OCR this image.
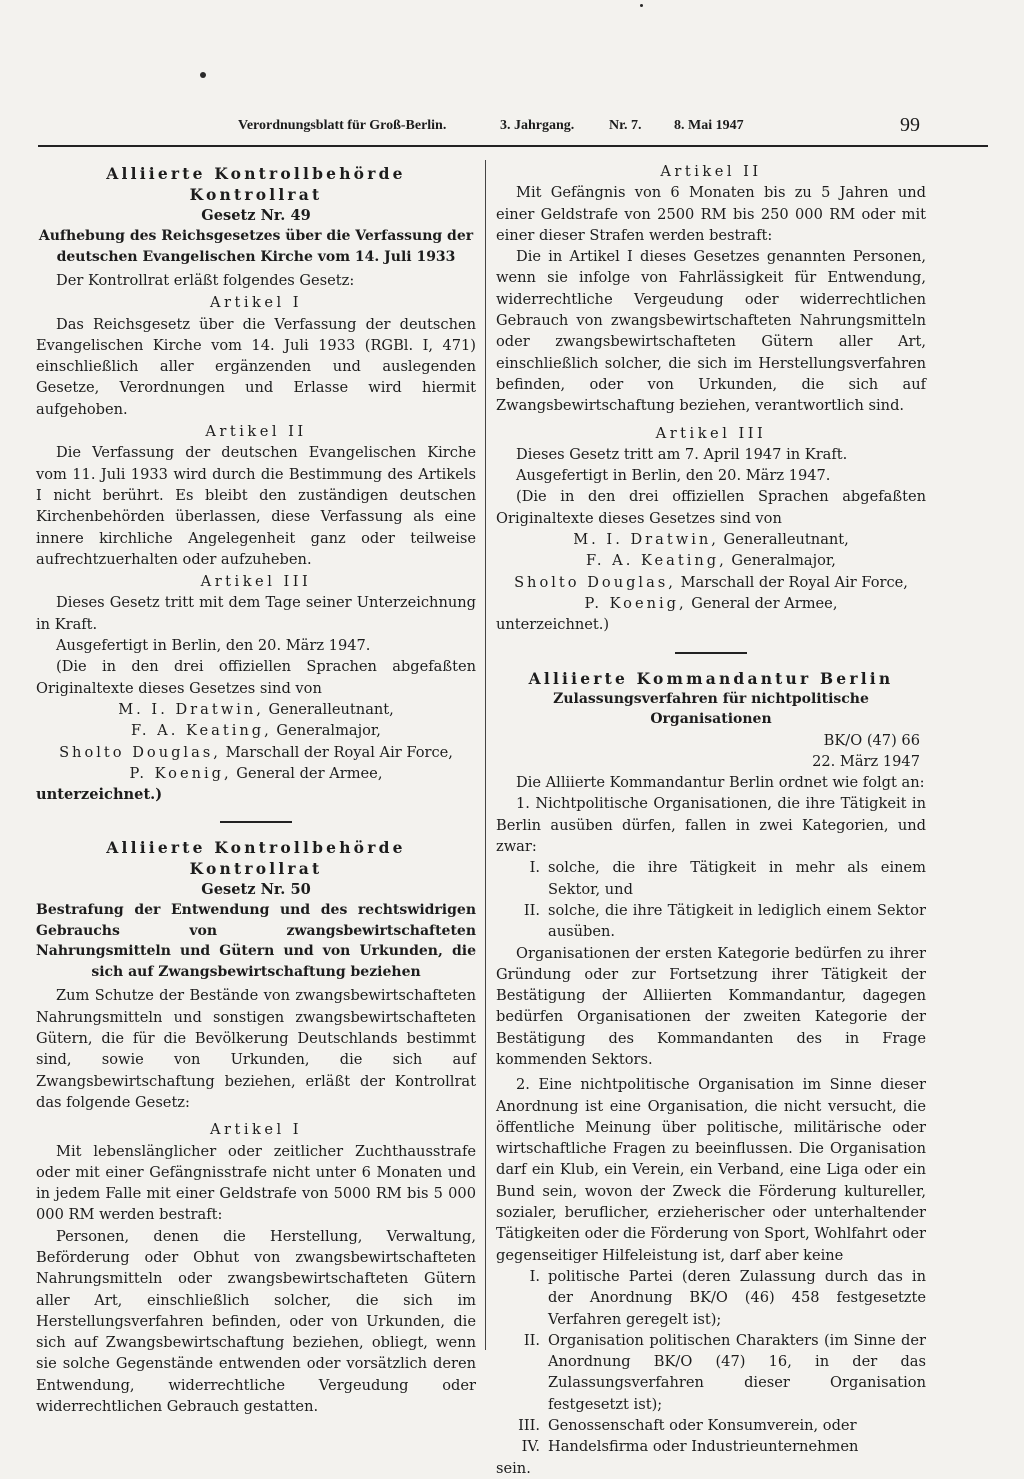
Verordnungsblatt für Groß-Berlin.	3. Jahrgang. Nr. 7. 8. Mai 1947	99
Alliierte Kontrollbehörde
Kontrollrat
Gesetz Nr. 49
Aufhebung des Reichsgesetzes über die Verfassung der
deutschen Evangelischen Kirche vom 14. Juli 1933

Der Kontrollrat erläßt folgendes Gesetz:

Artikel I

Das Reichsgesetz über die Verfassung der deutschen Evangelischen Kirche vom 14. Juli 1933 (RGBl. I, 471) einschließlich aller ergänzenden und auslegenden Gesetze, Verordnungen und Erlasse wird hiermit aufgehoben.

Artikel II

Die Verfassung der deutschen Evangelischen Kirche vom 11. Juli 1933 wird durch die Bestimmung des Artikels I nicht berührt. Es bleibt den zuständigen deutschen Kirchenbehörden überlassen, diese Verfassung als eine innere kirchliche Angelegenheit ganz oder teilweise aufrechtzuerhalten oder aufzuheben.

Artikel III

Dieses Gesetz tritt mit dem Tage seiner Unterzeichnung in Kraft.

Ausgefertigt in Berlin, den 20. März 1947.

(Die in den drei offiziellen Sprachen abgefaßten Originaltexte dieses Gesetzes sind von

M. I. Dratwin, Generalleutnant,
F. A. Keating, Generalmajor,
Sholto Douglas, Marschall der Royal Air Force,
P. Koenig, General der Armee,
unterzeichnet.)
Alliierte Kontrollbehörde
Kontrollrat
Gesetz Nr. 50
Bestrafung der Entwendung und des rechtswidrigen Gebrauchs von zwangsbewirtschafteten Nahrungsmitteln und Gütern und von Urkunden, die sich auf Zwangsbewirtschaftung beziehen

Zum Schutze der Bestände von zwangsbewirtschafteten Nahrungsmitteln und sonstigen zwangsbewirtschafteten Gütern, die für die Bevölkerung Deutschlands bestimmt sind, sowie von Urkunden, die sich auf Zwangsbewirtschaftung beziehen, erläßt der Kontrollrat das folgende Gesetz:

Artikel I

Mit lebenslänglicher oder zeitlicher Zuchthausstrafe oder mit einer Gefängnisstrafe nicht unter 6 Monaten und in jedem Falle mit einer Geldstrafe von 5000 RM bis 5 000 000 RM werden bestraft:

Personen, denen die Herstellung, Verwaltung, Beförderung oder Obhut von zwangsbewirtschafteten Nahrungsmitteln oder zwangsbewirtschafteten Gütern aller Art, einschließlich solcher, die sich im Herstellungsverfahren befinden, oder von Urkunden, die sich auf Zwangsbewirtschaftung beziehen, obliegt, wenn sie solche Gegenstände entwenden oder vorsätzlich deren Entwendung, widerrechtliche Vergeudung oder widerrechtlichen Gebrauch gestatten.

Artikel II

Mit Gefängnis von 6 Monaten bis zu 5 Jahren und einer Geldstrafe von 2500 RM bis 250 000 RM oder mit einer dieser Strafen werden bestraft:

Die in Artikel I dieses Gesetzes genannten Personen, wenn sie infolge von Fahrlässigkeit für Entwendung, widerrechtliche Vergeudung oder widerrechtlichen Gebrauch von zwangsbewirtschafteten Nahrungsmitteln oder zwangsbewirtschafteten Gütern aller Art, einschließlich solcher, die sich im Herstellungsverfahren befinden, oder von Urkunden, die sich auf Zwangsbewirtschaftung beziehen, verantwortlich sind.

Artikel III

Dieses Gesetz tritt am 7. April 1947 in Kraft.

Ausgefertigt in Berlin, den 20. März 1947.

(Die in den drei offiziellen Sprachen abgefaßten Originaltexte dieses Gesetzes sind von

M. I. Dratwin, Generalleutnant,
F. A. Keating, Generalmajor,
Sholto Douglas, Marschall der Royal Air Force,
P. Koenig, General der Armee,
unterzeichnet.)
Alliierte Kommandantur Berlin
Zulassungsverfahren für nichtpolitische Organisationen
BK/O (47) 66
22. März 1947

Die Alliierte Kommandantur Berlin ordnet wie folgt an:

1. Nichtpolitische Organisationen, die ihre Tätigkeit in Berlin ausüben dürfen, fallen in zwei Kategorien, und zwar:

I. solche, die ihre Tätigkeit in mehr als einem Sektor, und
II. solche, die ihre Tätigkeit in lediglich einem Sektor ausüben.

Organisationen der ersten Kategorie bedürfen zu ihrer Gründung oder zur Fortsetzung ihrer Tätigkeit der Bestätigung der Alliierten Kommandantur, dagegen bedürfen Organisationen der zweiten Kategorie der Bestätigung des Kommandanten des in Frage kommenden Sektors.

2. Eine nichtpolitische Organisation im Sinne dieser Anordnung ist eine Organisation, die nicht versucht, die öffentliche Meinung über politische, militärische oder wirtschaftliche Fragen zu beeinflussen. Die Organisation darf ein Klub, ein Verein, ein Verband, eine Liga oder ein Bund sein, wovon der Zweck die Förderung kultureller, sozialer, beruflicher, erzieherischer oder unterhaltender Tätigkeiten oder die Förderung von Sport, Wohlfahrt oder gegenseitiger Hilfeleistung ist, darf aber keine

I. politische Partei (deren Zulassung durch das in der Anordnung BK/O (46) 458 festgesetzte Verfahren geregelt ist);
II. Organisation politischen Charakters (im Sinne der Anordnung BK/O (47) 16, in der das Zulassungsverfahren dieser Organisation festgesetzt ist);
III. Genossenschaft oder Konsumverein, oder
IV. Handelsfirma oder Industrieunternehmen
sein.
